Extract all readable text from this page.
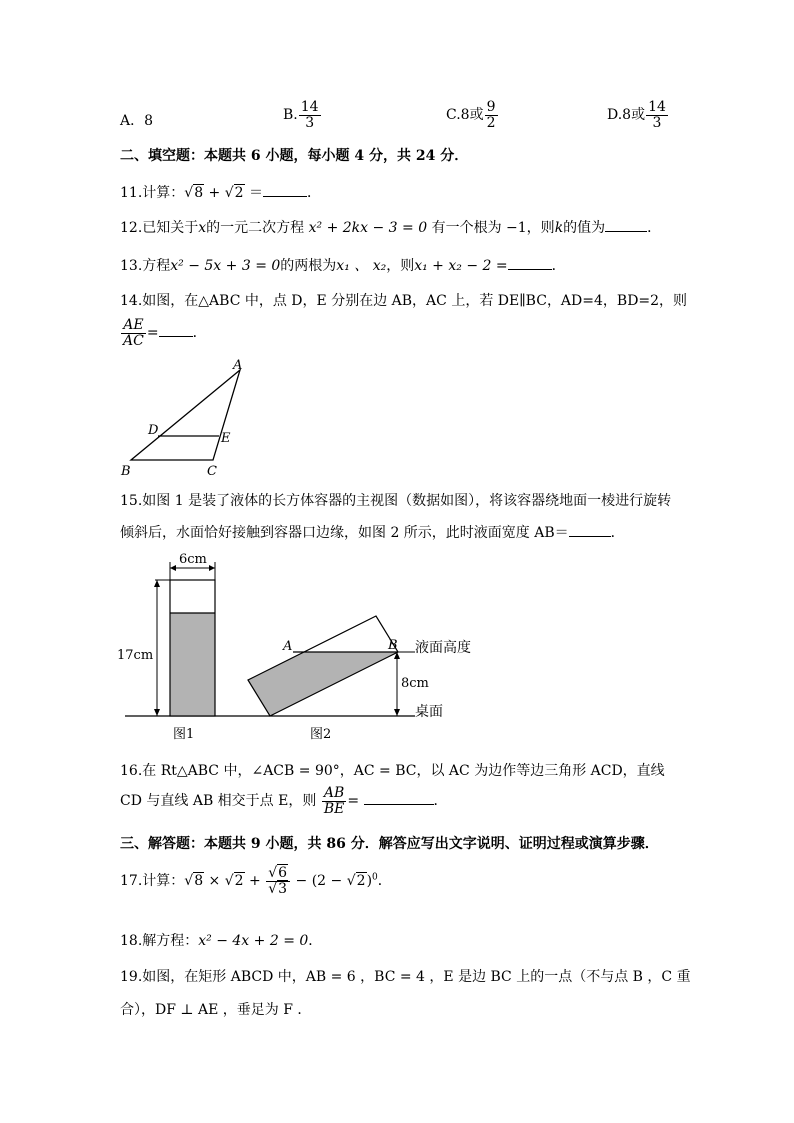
A．8	B. $\frac{14}{3}$	C.8或 $\frac{9}{2}$	D.8或 $\frac{14}{3}$
二、填空题：本题共 6 小题，每小题 4 分，共 24 分．
11.计算：√8 + √2 ＝	．
12.已知关于x的一元二次方程 x² + 2kx − 3 = 0 有一个根为 −1，则k的值为	．
13.方程x² − 5x + 3 = 0的两根为x₁ 、 x₂，则x₁ + x₂ − 2 =	．
14.如图，在△ABC 中，点 D，E 分别在边 AB，AC 上，若 DE∥BC，AD=4，BD=2，则
$\frac{AE}{AC}$ = ．
A
B	C
D
E
15.如图 1 是装了液体的长方体容器的主视图（数据如图），将该容器绕地面一棱进行旋转
倾斜后，水面恰好接触到容器口边缘，如图 2 所示，此时液面宽度 AB＝	．
6cm
17cm
图1
A	B
8cm
液面高度
桌面
图2
16.在 Rt△ABC 中，∠ACB = 90°，AC = BC，以 AC 为边作等边三角形 ACD，直线
CD 与直线 AB 相交于点 E，则 $\frac{AB}{BE}$ =	．
三、解答题：本题共 9 小题，共 86 分．解答应写出文字说明、证明过程或演算步骤．
17.计算：$√8 \times √2 + \frac{√6}{√3} - (2 - √2)^0$．
18.解方程：x² − 4x + 2 = 0．
19.如图，在矩形 ABCD 中，AB = 6 ，BC = 4 ，E 是边 BC 上的一点（不与点 B ，C 重
合），DF ⊥ AE ，垂足为 F ．
